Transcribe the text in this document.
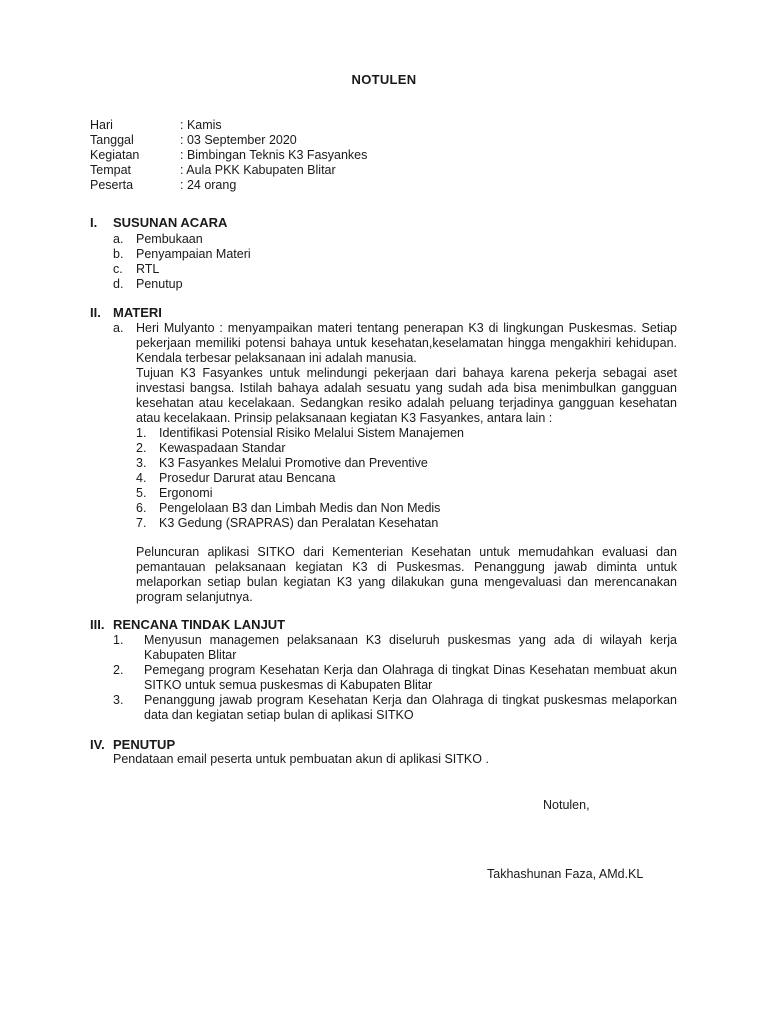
NOTULEN
Hari	: Kamis
Tanggal	: 03 September 2020
Kegiatan	: Bimbingan Teknis K3 Fasyankes
Tempat	: Aula PKK Kabupaten Blitar
Peserta	: 24 orang
I.	SUSUNAN ACARA
a.	Pembukaan
b.	Penyampaian Materi
c.	RTL
d.	Penutup
II. MATERI
a.	Heri Mulyanto : menyampaikan materi tentang penerapan K3 di lingkungan Puskesmas. Setiap pekerjaan memiliki potensi bahaya untuk kesehatan,keselamatan hingga mengakhiri kehidupan. Kendala terbesar pelaksanaan ini adalah manusia.
Tujuan K3 Fasyankes untuk melindungi pekerjaan dari bahaya karena pekerja sebagai aset investasi bangsa. Istilah bahaya adalah sesuatu yang sudah ada bisa menimbulkan gangguan kesehatan atau kecelakaan. Sedangkan resiko adalah peluang terjadinya gangguan kesehatan atau kecelakaan. Prinsip pelaksanaan kegiatan K3 Fasyankes, antara lain :
1.	Identifikasi Potensial Risiko Melalui Sistem Manajemen
2.	Kewaspadaan Standar
3.	K3 Fasyankes Melalui Promotive dan Preventive
4.	Prosedur Darurat atau Bencana
5.	Ergonomi
6.	Pengelolaan B3 dan Limbah Medis dan Non Medis
7.	K3 Gedung (SRAPRAS) dan Peralatan Kesehatan
Peluncuran aplikasi SITKO dari Kementerian Kesehatan untuk memudahkan evaluasi dan pemantauan pelaksanaan kegiatan K3 di Puskesmas. Penanggung jawab diminta untuk melaporkan setiap bulan kegiatan K3 yang dilakukan guna mengevaluasi dan merencanakan program selanjutnya.
III. RENCANA TINDAK LANJUT
1.	Menyusun managemen pelaksanaan K3 diseluruh puskesmas yang ada di wilayah kerja Kabupaten Blitar
2.	Pemegang program Kesehatan Kerja dan Olahraga di tingkat Dinas Kesehatan membuat akun SITKO untuk semua puskesmas di Kabupaten Blitar
3.	Penanggung jawab program Kesehatan Kerja dan Olahraga di tingkat puskesmas melaporkan data dan kegiatan setiap bulan di aplikasi SITKO
IV. PENUTUP
Pendataan email peserta untuk pembuatan akun di aplikasi SITKO .
Notulen,
Takhashunan Faza, AMd.KL
